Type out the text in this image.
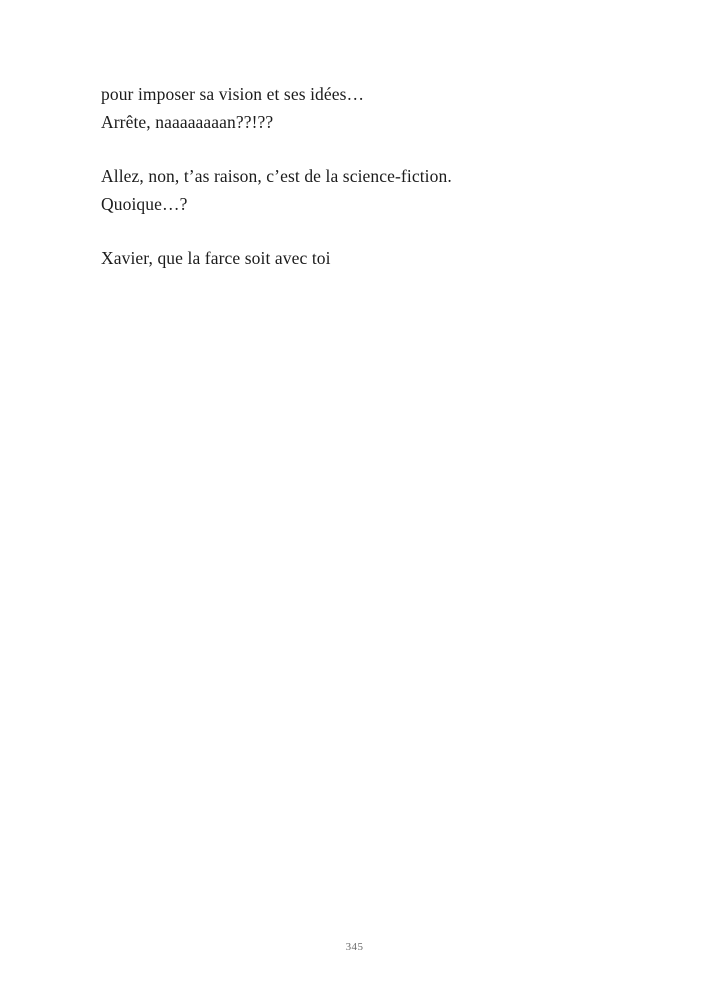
pour imposer sa vision et ses idées…
Arrête, naaaaaaaan??!??

Allez, non, t’as raison, c’est de la science-fiction.
Quoique…?

Xavier, que la farce soit avec toi

345
